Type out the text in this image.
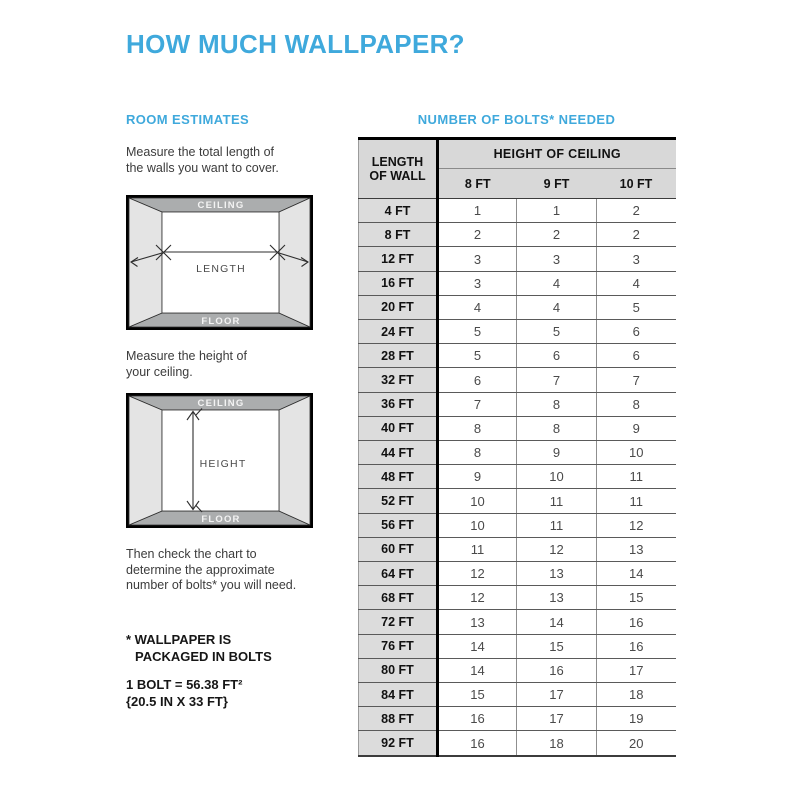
HOW MUCH WALLPAPER?
ROOM ESTIMATES

Measure the total length of
the walls you want to cover.

CEILING
FLOOR
LENGTH

Measure the height of
your ceiling.

CEILING
FLOOR
HEIGHT

Then check the chart to
determine the approximate
number of bolts* you will need.

* WALLPAPER IS
PACKAGED IN BOLTS
1 BOLT = 56.38 FT²
{20.5 IN X 33 FT}
NUMBER OF BOLTS* NEEDED
LENGTH
OF WALL	HEIGHT OF CEILING		
	8 FT	9 FT	10 FT
4 FT	1	1	2
8 FT	2	2	2
12 FT	3	3	3
16 FT	3	4	4
20 FT	4	4	5
24 FT	5	5	6
28 FT	5	6	6
32 FT	6	7	7
36 FT	7	8	8
40 FT	8	8	9
44 FT	8	9	10
48 FT	9	10	11
52 FT	10	11	11
56 FT	10	11	12
60 FT	11	12	13
64 FT	12	13	14
68 FT	12	13	15
72 FT	13	14	16
76 FT	14	15	16
80 FT	14	16	17
84 FT	15	17	18
88 FT	16	17	19
92 FT	16	18	20
